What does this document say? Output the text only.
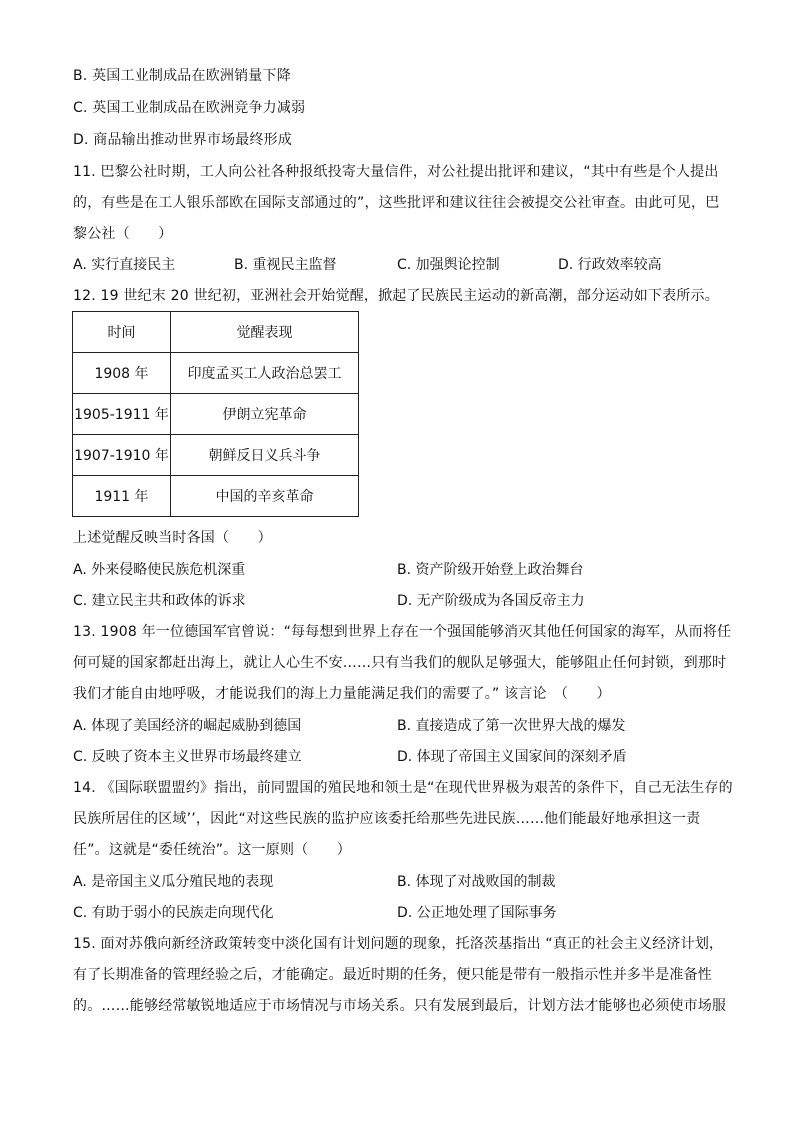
B. 英国工业制成品在欧洲销量下降
C. 英国工业制成品在欧洲竞争力减弱
D. 商品输出推动世界市场最终形成
11. 巴黎公社时期，工人向公社各种报纸投寄大量信件，对公社提出批评和建议，“其中有些是个人提出
的，有些是在工人银乐部欧在国际支部通过的”，这些批评和建议往往会被提交公社审查。由此可见，巴
黎公社（　　）
A. 实行直接民主	B. 重视民主监督	C. 加强舆论控制	D. 行政效率较高
12. 19 世纪末 20 世纪初，亚洲社会开始觉醒，掀起了民族民主运动的新高潮，部分运动如下表所示。
时间	觉醒表现
1908 年	印度孟买工人政治总罢工
1905-1911 年	伊朗立宪革命
1907-1910 年	朝鲜反日义兵斗争
1911 年	中国的辛亥革命
上述觉醒反映当时各国（　　）
A. 外来侵略使民族危机深重	B. 资产阶级开始登上政治舞台
C. 建立民主共和政体的诉求	D. 无产阶级成为各国反帝主力
13. 1908 年一位德国军官曾说：“每每想到世界上存在一个强国能够消灭其他任何国家的海军，从而将任
何可疑的国家都赶出海上，就让人心生不安……只有当我们的舰队足够强大，能够阻止任何封锁，到那时
我们才能自由地呼吸，才能说我们的海上力量能满足我们的需要了。” 该言论　（　　）
A. 体现了美国经济的崛起威胁到德国	B. 直接造成了第一次世界大战的爆发
C. 反映了资本主义世界市场最终建立	D. 体现了帝国主义国家间的深刻矛盾
14. 《国际联盟盟约》指出，前同盟国的殖民地和领土是“在现代世界极为艰苦的条件下，自己无法生存的
民族所居住的区域’’，因此“对这些民族的监护应该委托给那些先进民族……他们能最好地承担这一责
任”。这就是“委任统治”。这一原则（　　）
A. 是帝国主义瓜分殖民地的表现	B. 体现了对战败国的制裁
C. 有助于弱小的民族走向现代化	D. 公正地处理了国际事务
15. 面对苏俄向新经济政策转变中淡化国有计划问题的现象，托洛茨基指出 “真正的社会主义经济计划，
有了长期准备的管理经验之后，才能确定。最近时期的任务，便只能是带有一般指示性并多半是准备性
的。……能够经常敏锐地适应于市场情况与市场关系。只有发展到最后，计划方法才能够也必须使市场服
